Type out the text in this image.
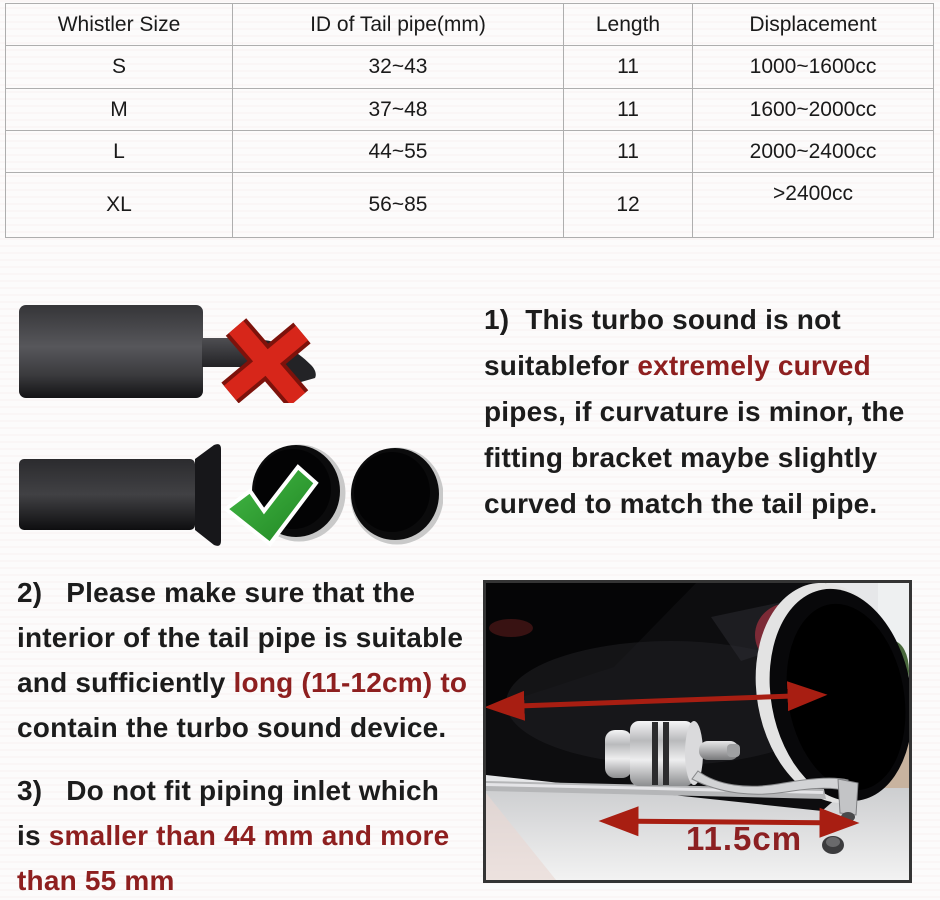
Whistler Size	ID of Tail pipe(mm)	Length	Displacement
S	32~43	11	1000~1600cc
M	37~48	11	1600~2000cc
L	44~55	11	2000~2400cc
XL	56~85	12	>2400cc
1)  This turbo sound is not
suitablefor extremely curved
pipes, if curvature is minor, the
fitting bracket maybe slightly
curved to match the tail pipe.
2)   Please make sure that the
interior of the tail pipe is suitable
and sufficiently long (11-12cm) to
contain the turbo sound device.
3)   Do not fit piping inlet which
is smaller than 44 mm and more
than 55 mm
11.5cm
